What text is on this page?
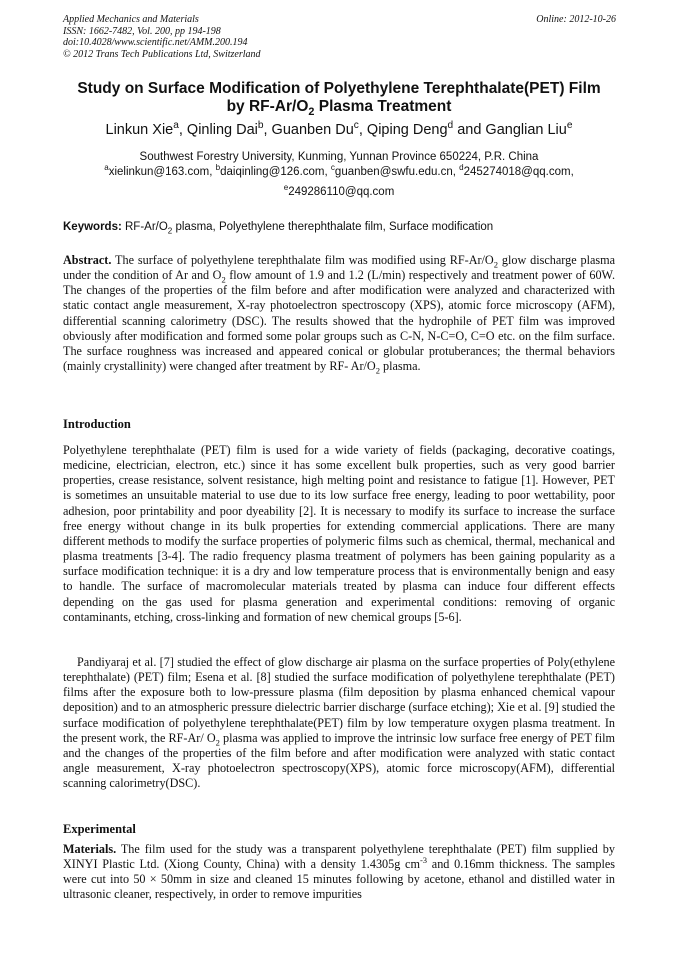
Applied Mechanics and Materials
ISSN: 1662-7482, Vol. 200, pp 194-198
doi:10.4028/www.scientific.net/AMM.200.194
© 2012 Trans Tech Publications Ltd, Switzerland
Online: 2012-10-26
Study on Surface Modification of Polyethylene Terephthalate(PET) Film
by $RF-Ar/O_2$ Plasma Treatment
Linkun Xie$^a$, Qinling Dai$^b$, Guanben Du$^c$, Qiping Deng$^d$ and Ganglian Liu$^e$
Southwest Forestry University, Kunming, Yunnan Province 650224, P.R. China
$^a$xielinkun@163.com, $^b$daiqinling@126.com, $^c$guanben@swfu.edu.cn, $^d$245274018@qq.com,
$^e$249286110@qq.com
Keywords: $RF-Ar/O_2$ plasma, Polyethylene therephthalate film, Surface modification
Abstract. The surface of polyethylene terephthalate film was modified using $RF-Ar/O_2$ glow discharge plasma under the condition of Ar and $O_2$ flow amount of 1.9 and 1.2 (L/min) respectively and treatment power of 60W. The changes of the properties of the film before and after modification were analyzed and characterized with static contact angle measurement, X-ray photoelectron spectroscopy (XPS), atomic force microscopy (AFM), differential scanning calorimetry (DSC). The results showed that the hydrophile of PET film was improved obviously after modification and formed some polar groups such as C-N, N-C=O, C=O etc. on the film surface. The surface roughness was increased and appeared conical or globular protuberances; the thermal behaviors (mainly crystallinity) were changed after treatment by RF- $Ar/O_2$ plasma.
Introduction
Polyethylene terephthalate (PET) film is used for a wide variety of fields (packaging, decorative coatings, medicine, electrician, electron, etc.) since it has some excellent bulk properties, such as very good barrier properties, crease resistance, solvent resistance, high melting point and resistance to fatigue [1]. However, PET is sometimes an unsuitable material to use due to its low surface free energy, leading to poor wettability, poor adhesion, poor printability and poor dyeability [2]. It is necessary to modify its surface to increase the surface free energy without change in its bulk properties for extending commercial applications. There are many different methods to modify the surface properties of polymeric films such as chemical, thermal, mechanical and plasma treatments [3-4]. The radio frequency plasma treatment of polymers has been gaining popularity as a surface modification technique: it is a dry and low temperature process that is environmentally benign and easy to handle. The surface of macromolecular materials treated by plasma can induce four different effects depending on the gas used for plasma generation and experimental conditions: removing of organic contaminants, etching, cross-linking and formation of new chemical groups [5-6].
Pandiyaraj et al. [7] studied the effect of glow discharge air plasma on the surface properties of Poly(ethylene terephthalate) (PET) film; Esena et al. [8] studied the surface modification of polyethylene terephthalate (PET) films after the exposure both to low-pressure plasma (film deposition by plasma enhanced chemical vapour deposition) and to an atmospheric pressure dielectric barrier discharge (surface etching); Xie et al. [9] studied the surface modification of polyethylene terephthalate(PET) film by low temperature oxygen plasma treatment. In the present work, the RF-Ar/ $O_2$ plasma was applied to improve the intrinsic low surface free energy of PET film and the changes of the properties of the film before and after modification were analyzed with static contact angle measurement, X-ray photoelectron spectroscopy(XPS), atomic force microscopy(AFM), differential scanning calorimetry(DSC).
Experimental
Materials. The film used for the study was a transparent polyethylene terephthalate (PET) film supplied by XINYI Plastic Ltd. (Xiong County, China) with a density 1.4305g $cm^{-3}$ and 0.16mm thickness. The samples were cut into 50 × 50mm in size and cleaned 15 minutes following by acetone, ethanol and distilled water in ultrasonic cleaner, respectively, in order to remove impurities
